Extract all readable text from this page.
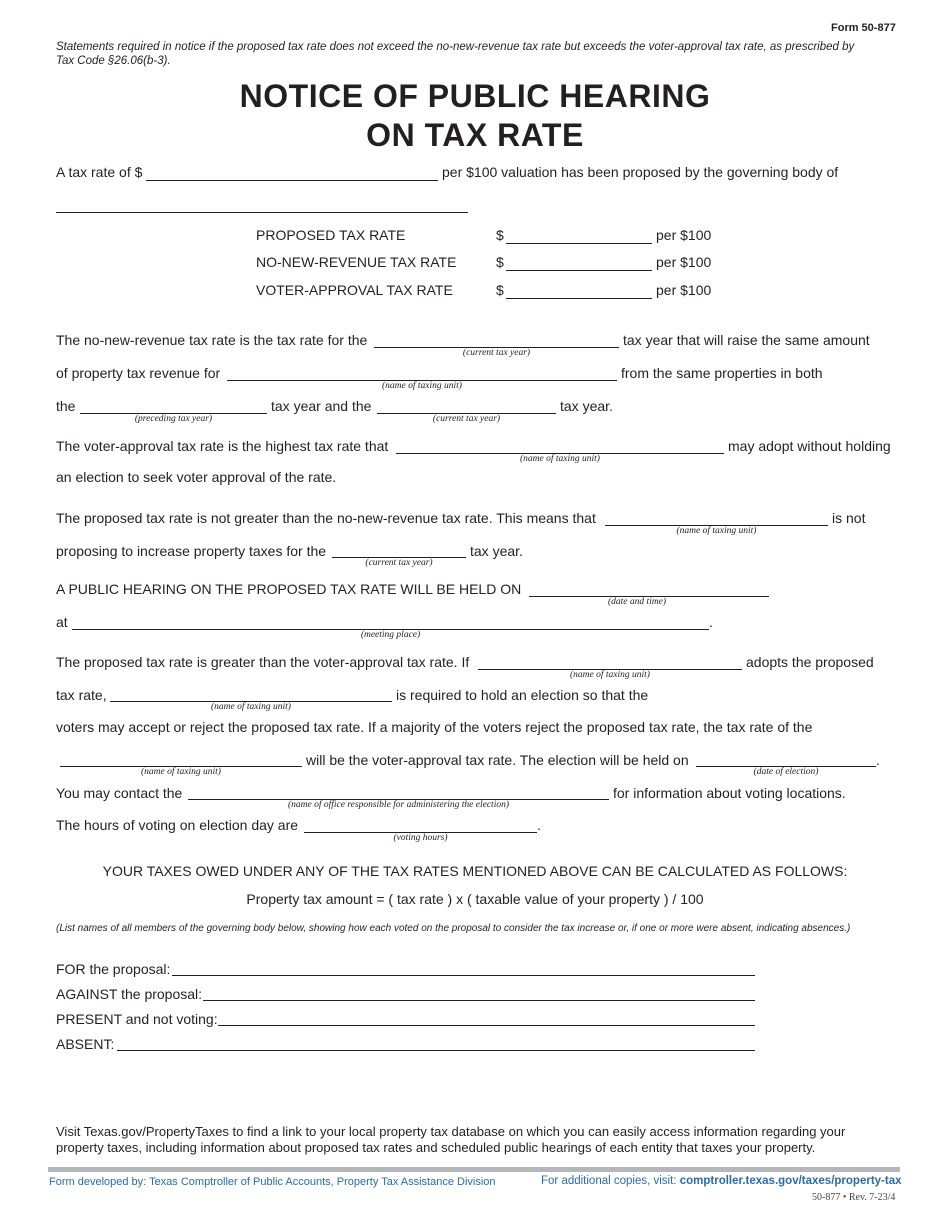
Form 50-877
Statements required in notice if the proposed tax rate does not exceed the no-new-revenue tax rate but exceeds the voter-approval tax rate, as prescribed by Tax Code §26.06(b-3).
NOTICE OF PUBLIC HEARING
ON TAX RATE
A tax rate of $	per $100 valuation has been proposed by the governing body of
PROPOSED TAX RATE	$	per $100
NO-NEW-REVENUE TAX RATE	$	per $100
VOTER-APPROVAL TAX RATE	$	per $100
The no-new-revenue tax rate is the tax rate for the
(current tax year)
tax year that will raise the same amount
of property tax revenue for
(name of taxing unit)
from the same properties in both
the
(preceding tax year)
tax year and the
(current tax year)
tax year.
The voter-approval tax rate is the highest tax rate that
(name of taxing unit)
may adopt without holding
an election to seek voter approval of the rate.
The proposed tax rate is not greater than the no-new-revenue tax rate. This means that
(name of taxing unit)
is not
proposing to increase property taxes for the
(current tax year)
tax year.
A PUBLIC HEARING ON THE PROPOSED TAX RATE WILL BE HELD ON
(date and time)
at
(meeting place)
.
The proposed tax rate is greater than the voter-approval tax rate. If
(name of taxing unit)
adopts the proposed
tax rate,
(name of taxing unit)
is required to hold an election so that the
voters may accept or reject the proposed tax rate. If a majority of the voters reject the proposed tax rate, the tax rate of the
(name of taxing unit)
will be the voter-approval tax rate. The election will be held on
(date of election)
.
You may contact the
(name of office responsible for administering the election)
for information about voting locations.
The hours of voting on election day are
(voting hours)
.
YOUR TAXES OWED UNDER ANY OF THE TAX RATES MENTIONED ABOVE CAN BE CALCULATED AS FOLLOWS:
Property tax amount = ( tax rate ) x ( taxable value of your property ) / 100
(List names of all members of the governing body below, showing how each voted on the proposal to consider the tax increase or, if one or more were absent, indicating absences.)
FOR the proposal:
AGAINST the proposal:
PRESENT and not voting:
ABSENT:
Visit Texas.gov/PropertyTaxes to find a link to your local property tax database on which you can easily access information regarding your property taxes, including information about proposed tax rates and scheduled public hearings of each entity that taxes your property.
Form developed by: Texas Comptroller of Public Accounts, Property Tax Assistance Division	For additional copies, visit: comptroller.texas.gov/taxes/property-tax
50-877 • Rev. 7-23/4
